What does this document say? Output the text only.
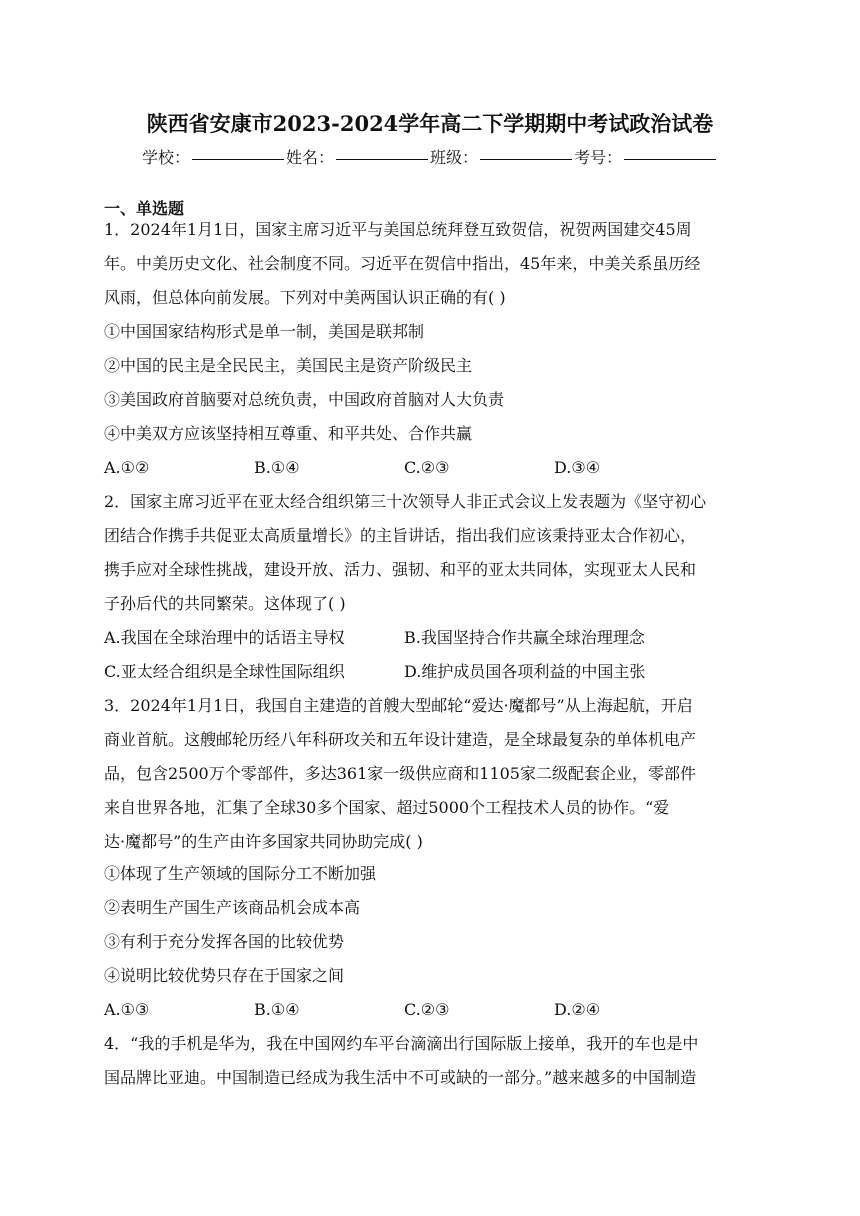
陕西省安康市2023-2024学年高二下学期期中考试政治试卷
学校：	姓名：	班级：	考号：
一、单选题
1．2024年1月1日，国家主席习近平与美国总统拜登互致贺信，祝贺两国建交45周
年。中美历史文化、社会制度不同。习近平在贺信中指出，45年来，中美关系虽历经
风雨，但总体向前发展。下列对中美两国认识正确的有( )
①中国国家结构形式是单一制，美国是联邦制
②中国的民主是全民民主，美国民主是资产阶级民主
③美国政府首脑要对总统负责，中国政府首脑对人大负责
④中美双方应该坚持相互尊重、和平共处、合作共赢
A.①②	B.①④	C.②③	D.③④
2．国家主席习近平在亚太经合组织第三十次领导人非正式会议上发表题为《坚守初心
团结合作携手共促亚太高质量增长》的主旨讲话，指出我们应该秉持亚太合作初心，
携手应对全球性挑战，建设开放、活力、强韧、和平的亚太共同体，实现亚太人民和
子孙后代的共同繁荣。这体现了( )
A.我国在全球治理中的话语主导权	B.我国坚持合作共赢全球治理理念
C.亚太经合组织是全球性国际组织	D.维护成员国各项利益的中国主张
3．2024年1月1日，我国自主建造的首艘大型邮轮“爱达·魔都号”从上海起航，开启
商业首航。这艘邮轮历经八年科研攻关和五年设计建造，是全球最复杂的单体机电产
品，包含2500万个零部件，多达361家一级供应商和1105家二级配套企业，零部件
来自世界各地，汇集了全球30多个国家、超过5000个工程技术人员的协作。“爱
达·魔都号”的生产由许多国家共同协助完成( )
①体现了生产领域的国际分工不断加强
②表明生产国生产该商品机会成本高
③有利于充分发挥各国的比较优势
④说明比较优势只存在于国家之间
A.①③	B.①④	C.②③	D.②④
4．“我的手机是华为，我在中国网约车平台滴滴出行国际版上接单，我开的车也是中
国品牌比亚迪。中国制造已经成为我生活中不可或缺的一部分。”越来越多的中国制造
